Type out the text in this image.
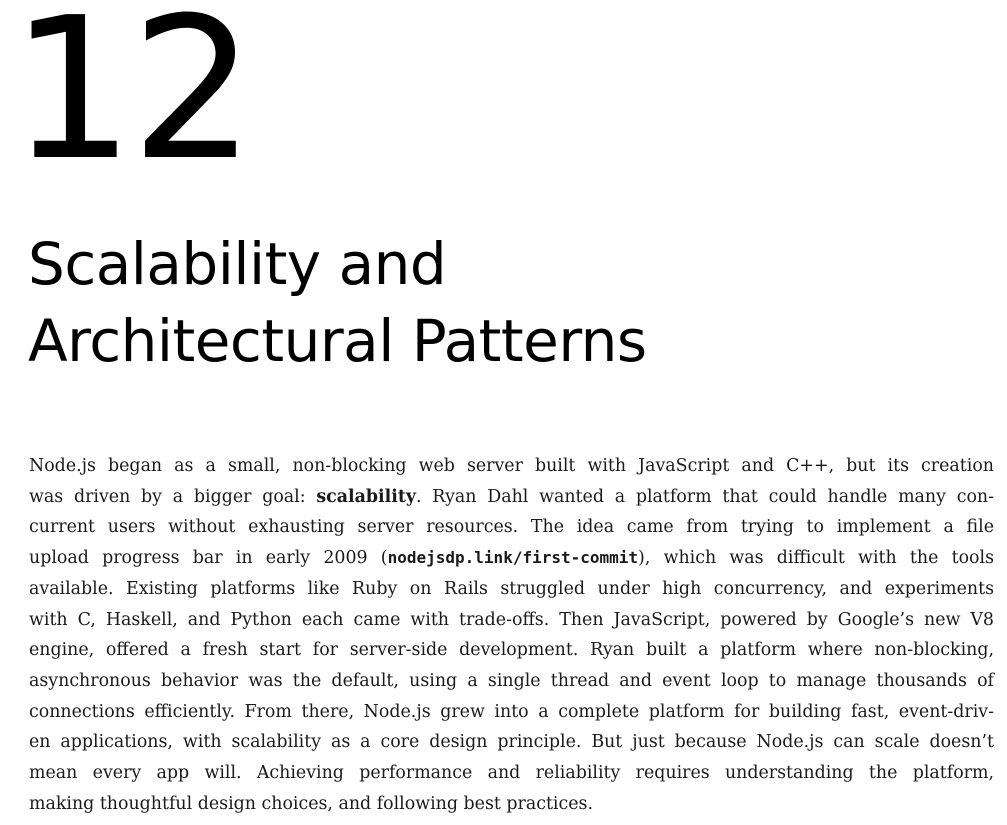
12
Scalability and
Architectural Patterns
Node.js began as a small, non-blocking web server built with JavaScript and C++, but its creation
was driven by a bigger goal: scalability. Ryan Dahl wanted a platform that could handle many con-
current users without exhausting server resources. The idea came from trying to implement a file
upload progress bar in early 2009 (nodejsdp.link/first-commit), which was difficult with the tools
available. Existing platforms like Ruby on Rails struggled under high concurrency, and experiments
with C, Haskell, and Python each came with trade-offs. Then JavaScript, powered by Google’s new V8
engine, offered a fresh start for server-side development. Ryan built a platform where non-blocking,
asynchronous behavior was the default, using a single thread and event loop to manage thousands of
connections efficiently. From there, Node.js grew into a complete platform for building fast, event-driv-
en applications, with scalability as a core design principle. But just because Node.js can scale doesn’t
mean every app will. Achieving performance and reliability requires understanding the platform,
making thoughtful design choices, and following best practices.
